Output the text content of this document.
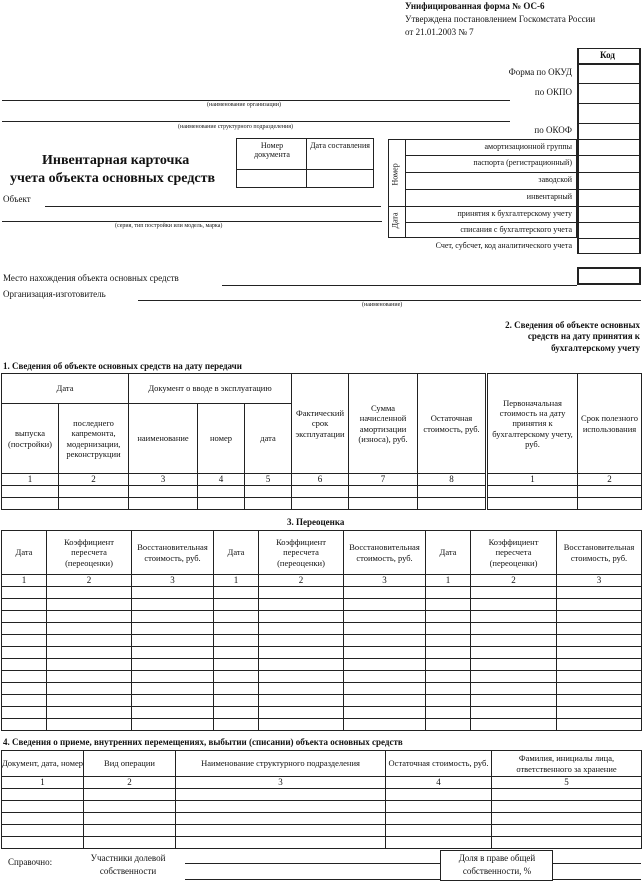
Унифицированная форма № ОС-6
Утверждена постановлением Госкомстата России
от 21.01.2003 № 7
Код
Форма по ОКУД
по ОКПО
по ОКОФ
(наименование организации)
(наименование структурного подразделения)
Инвентарная карточка
учета объекта основных средств
Номер документа
Дата составления
Номер
Дата
амортизационной группы
паспорта (регистрационный)
заводской
инвентарный
принятия к бухгалтерскому учету
списания с бухгалтерского учета
Счет, субсчет, код аналитического учета
Объект
(серия, тип постройки или модель, марка)
Место нахождения объекта основных средств
Организация-изготовитель
(наименование)
2. Сведения об объекте основных средств на дату принятия к бухгалтерскому учету
1. Сведения об объекте основных средств на дату передачи
Дата		Документ о вводе в эксплуатацию			Фактический срок эксплуатации	Сумма начисленной амортизации (износа), руб.	Остаточная стоимость, руб.
выпуска (постройки)	последнего капремонта, модернизации, реконструкции	наименование	номер	дата			
1	2	3	4	5	6	7	8

Первоначальная стоимость на дату принятия к бухгалтерскому учету, руб.	Срок полезного использования
1	2

3. Переоценка
Дата	Коэффициент пересчета (переоценки)	Восстановительная стоимость, руб.	Дата	Коэффициент пересчета (переоценки)	Восстановительная стоимость, руб.	Дата	Коэффициент пересчета (переоценки)	Восстановительная стоимость, руб.
1	2	3	1	2	3	1	2	3

4. Сведения о приеме, внутренних перемещениях, выбытии (списании) объекта основных средств
Документ, дата, номер	Вид операции	Наименование структурного подразделения	Остаточная стоимость, руб.	Фамилия, инициалы лица, ответственного за хранение
1	2	3	4	5

Справочно:	Участники долевой собственности
Доля в праве общей собственности, %
